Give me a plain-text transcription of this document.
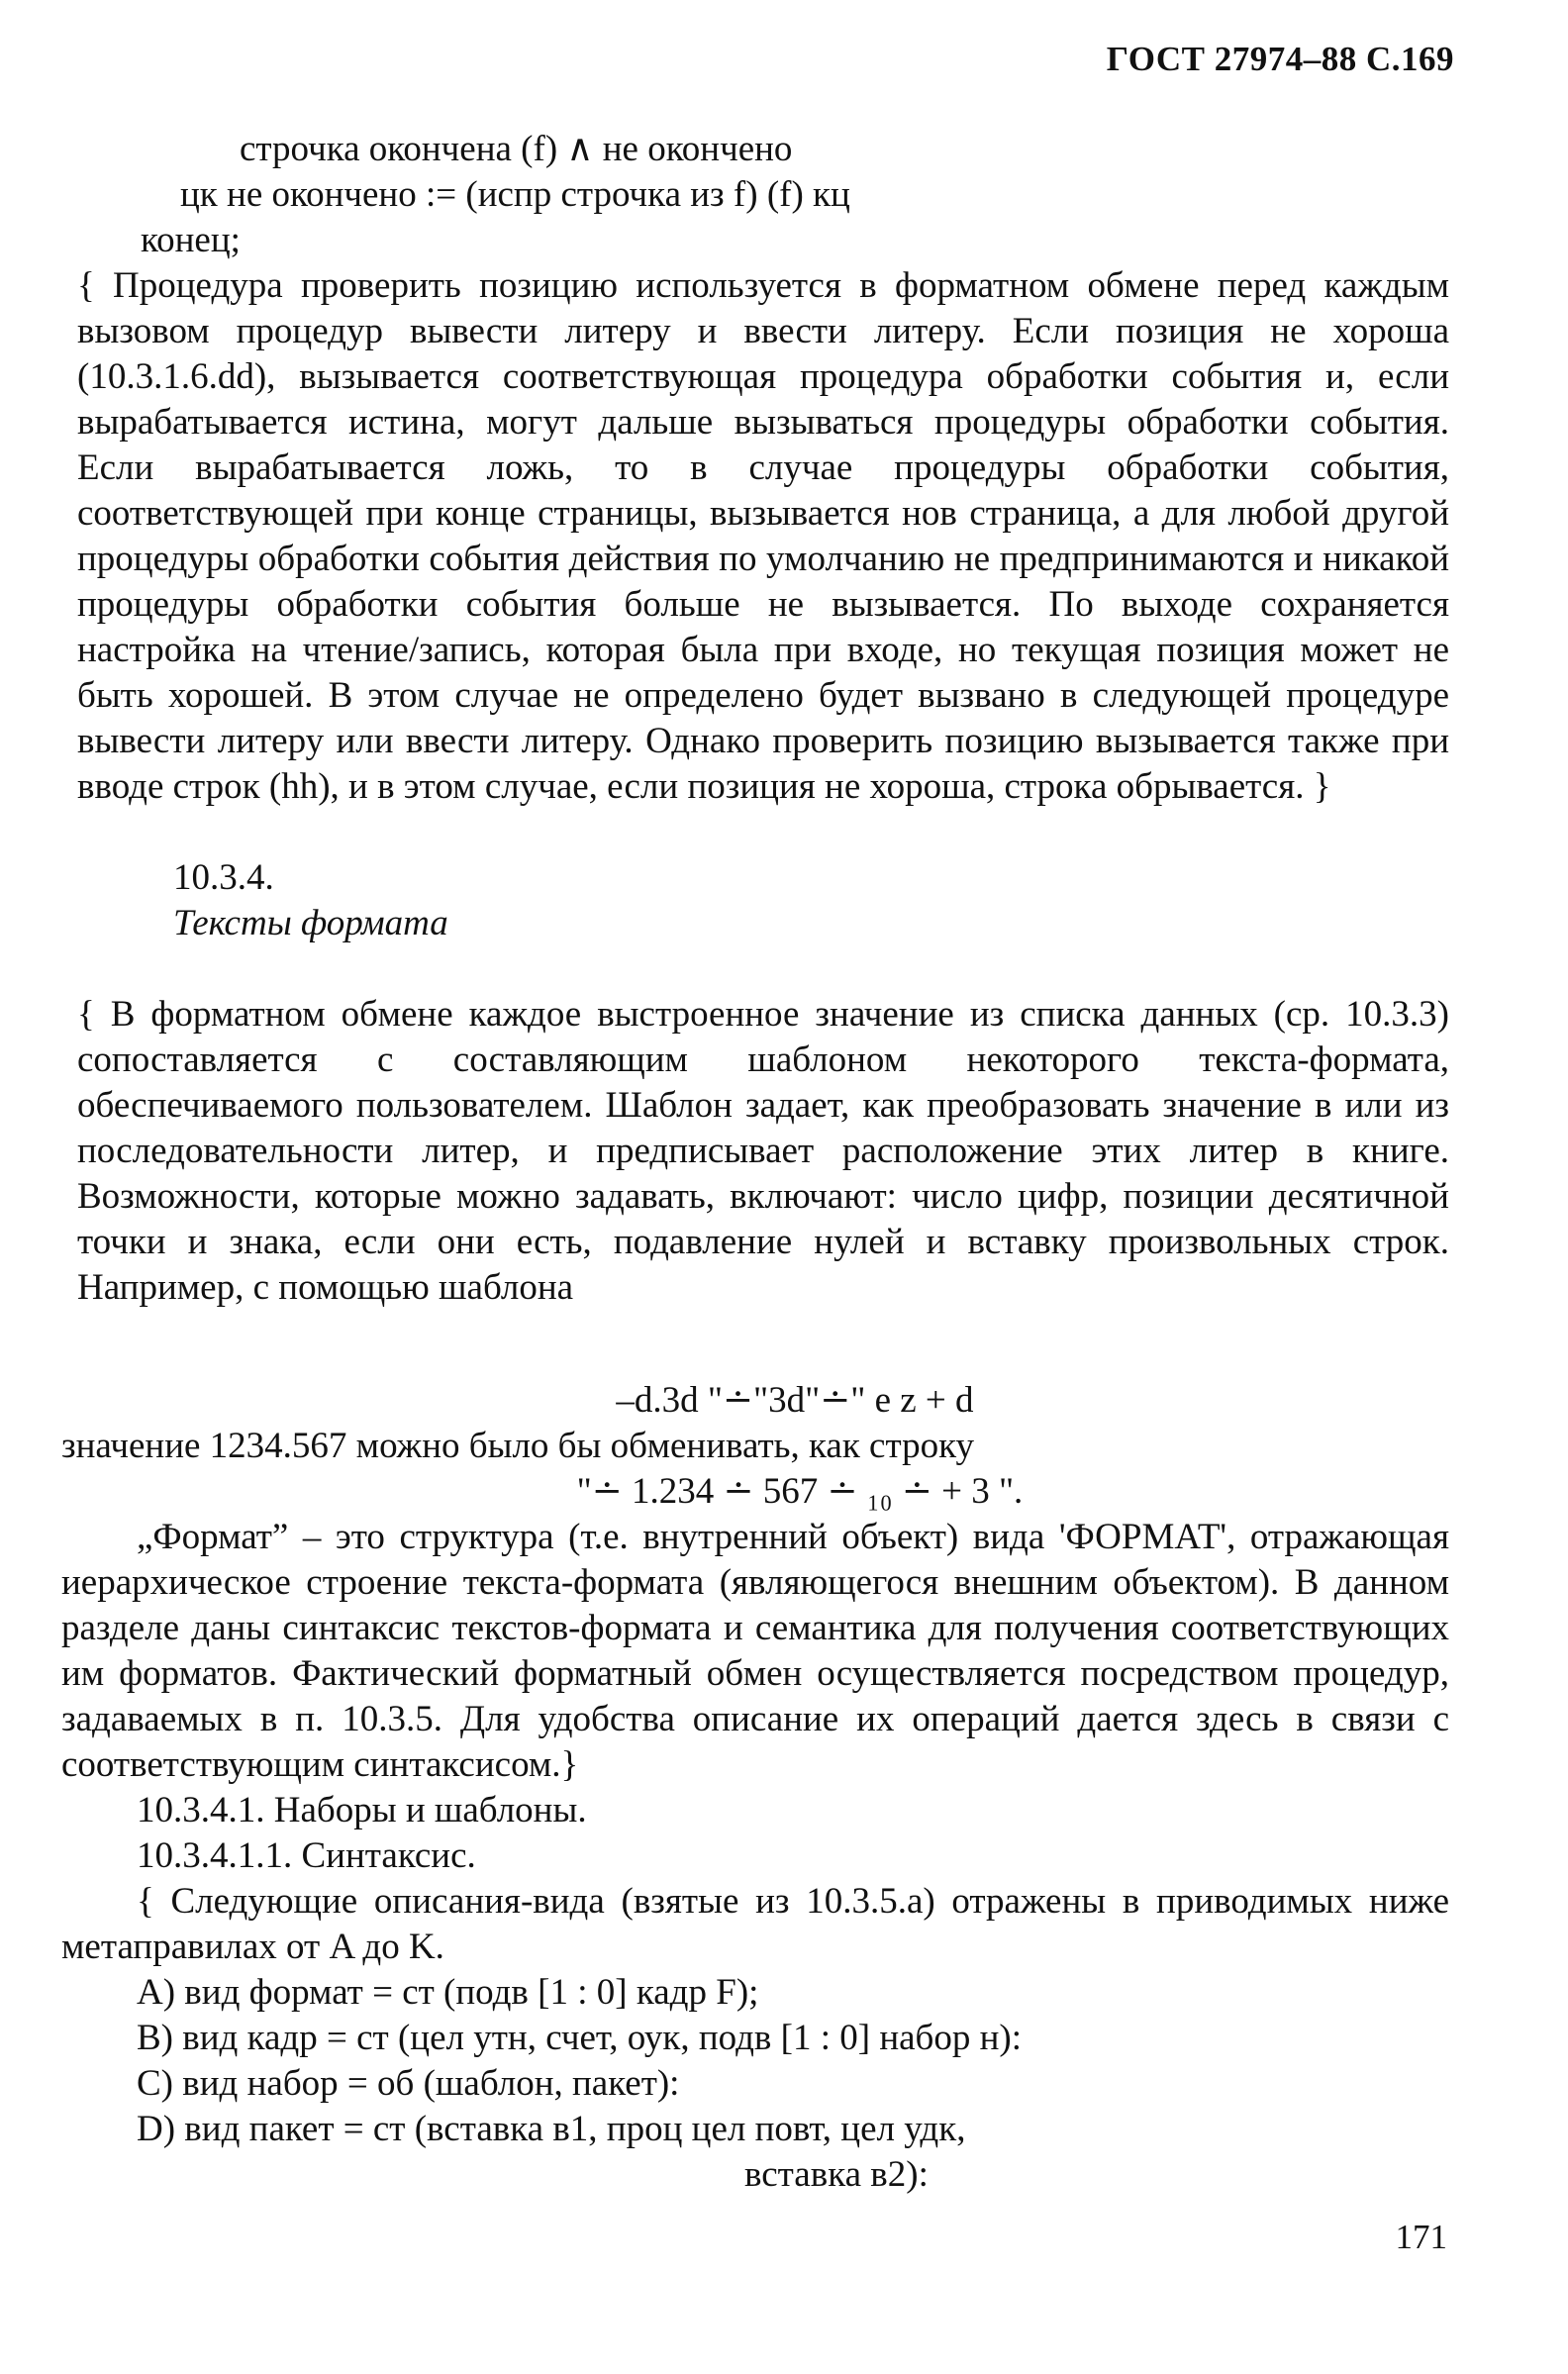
ГОСТ 27974–88 С.169
строчка окончена (f) ∧ не окончено
цк не окончено := (испр строчка из f) (f) кц
конец;

{ Процедура проверить позицию используется в форматном обмене перед каждым вызовом процедур вывести литеру и ввести литеру. Если позиция не хороша (10.3.1.6.dd), вызывается соответствующая процедура обработки события и, если вырабатывается истина, могут дальше вызываться процедуры обработки события. Если вырабатывается ложь, то в случае процедуры обработки события, соответствующей при конце страницы, вызывается нов страница, а для любой другой процедуры обработки события действия по умолчанию не предпринимаются и никакой процедуры обработки события больше не вызывается. По выходе сохраняется настройка на чтение/запись, которая была при входе, но текущая позиция может не быть хорошей. В этом случае не определено будет вызвано в следующей процедуре вывести литеру или ввести литеру. Однако проверить позицию вызывается также при вводе строк (hh), и в этом случае, если позиция не хороша, строка обрывается. }

10.3.4.
Тексты формата

{ В форматном обмене каждое выстроенное значение из списка данных (ср. 10.3.3) сопоставляется с составляющим шаблоном некоторого текста-формата, обеспечиваемого пользователем. Шаблон задает, как преобразовать значение в или из последовательности литер, и предписывает расположение этих литер в книге. Возможности, которые можно задавать, включают: число цифр, позиции десятичной точки и знака, если они есть, подавление нулей и вставку произвольных строк. Например, с помощью шаблона

–d.3d "∸"3d"∸" e z + d
значение 1234.567 можно было бы обменивать, как строку
"∸ 1.234 ∸ 567 ∸ ₁₀ ∸ + 3 ".

„Формат” – это структура (т.е. внутренний объект) вида 'ФОРМАТ', отражающая иерархическое строение текста-формата (являющегося внешним объектом). В данном разделе даны синтаксис текстов-формата и семантика для получения соответствующих им форматов. Фактический форматный обмен осуществляется посредством процедур, задаваемых в п. 10.3.5. Для удобства описание их операций дается здесь в связи с соответствующим синтаксисом.}

10.3.4.1. Наборы и шаблоны.
10.3.4.1.1. Синтаксис.

{ Следующие описания-вида (взятые из 10.3.5.a) отражены в приводимых ниже метаправилах от A до K.

A) вид формат = ст (подв [1 : 0] кадр F);
B) вид кадр = ст (цел утн, счет, оук, подв [1 : 0] набор н):
C) вид набор = об (шаблон, пакет):
D) вид пакет = ст (вставка в1, проц цел повт, цел удк,
вставка в2):
171
